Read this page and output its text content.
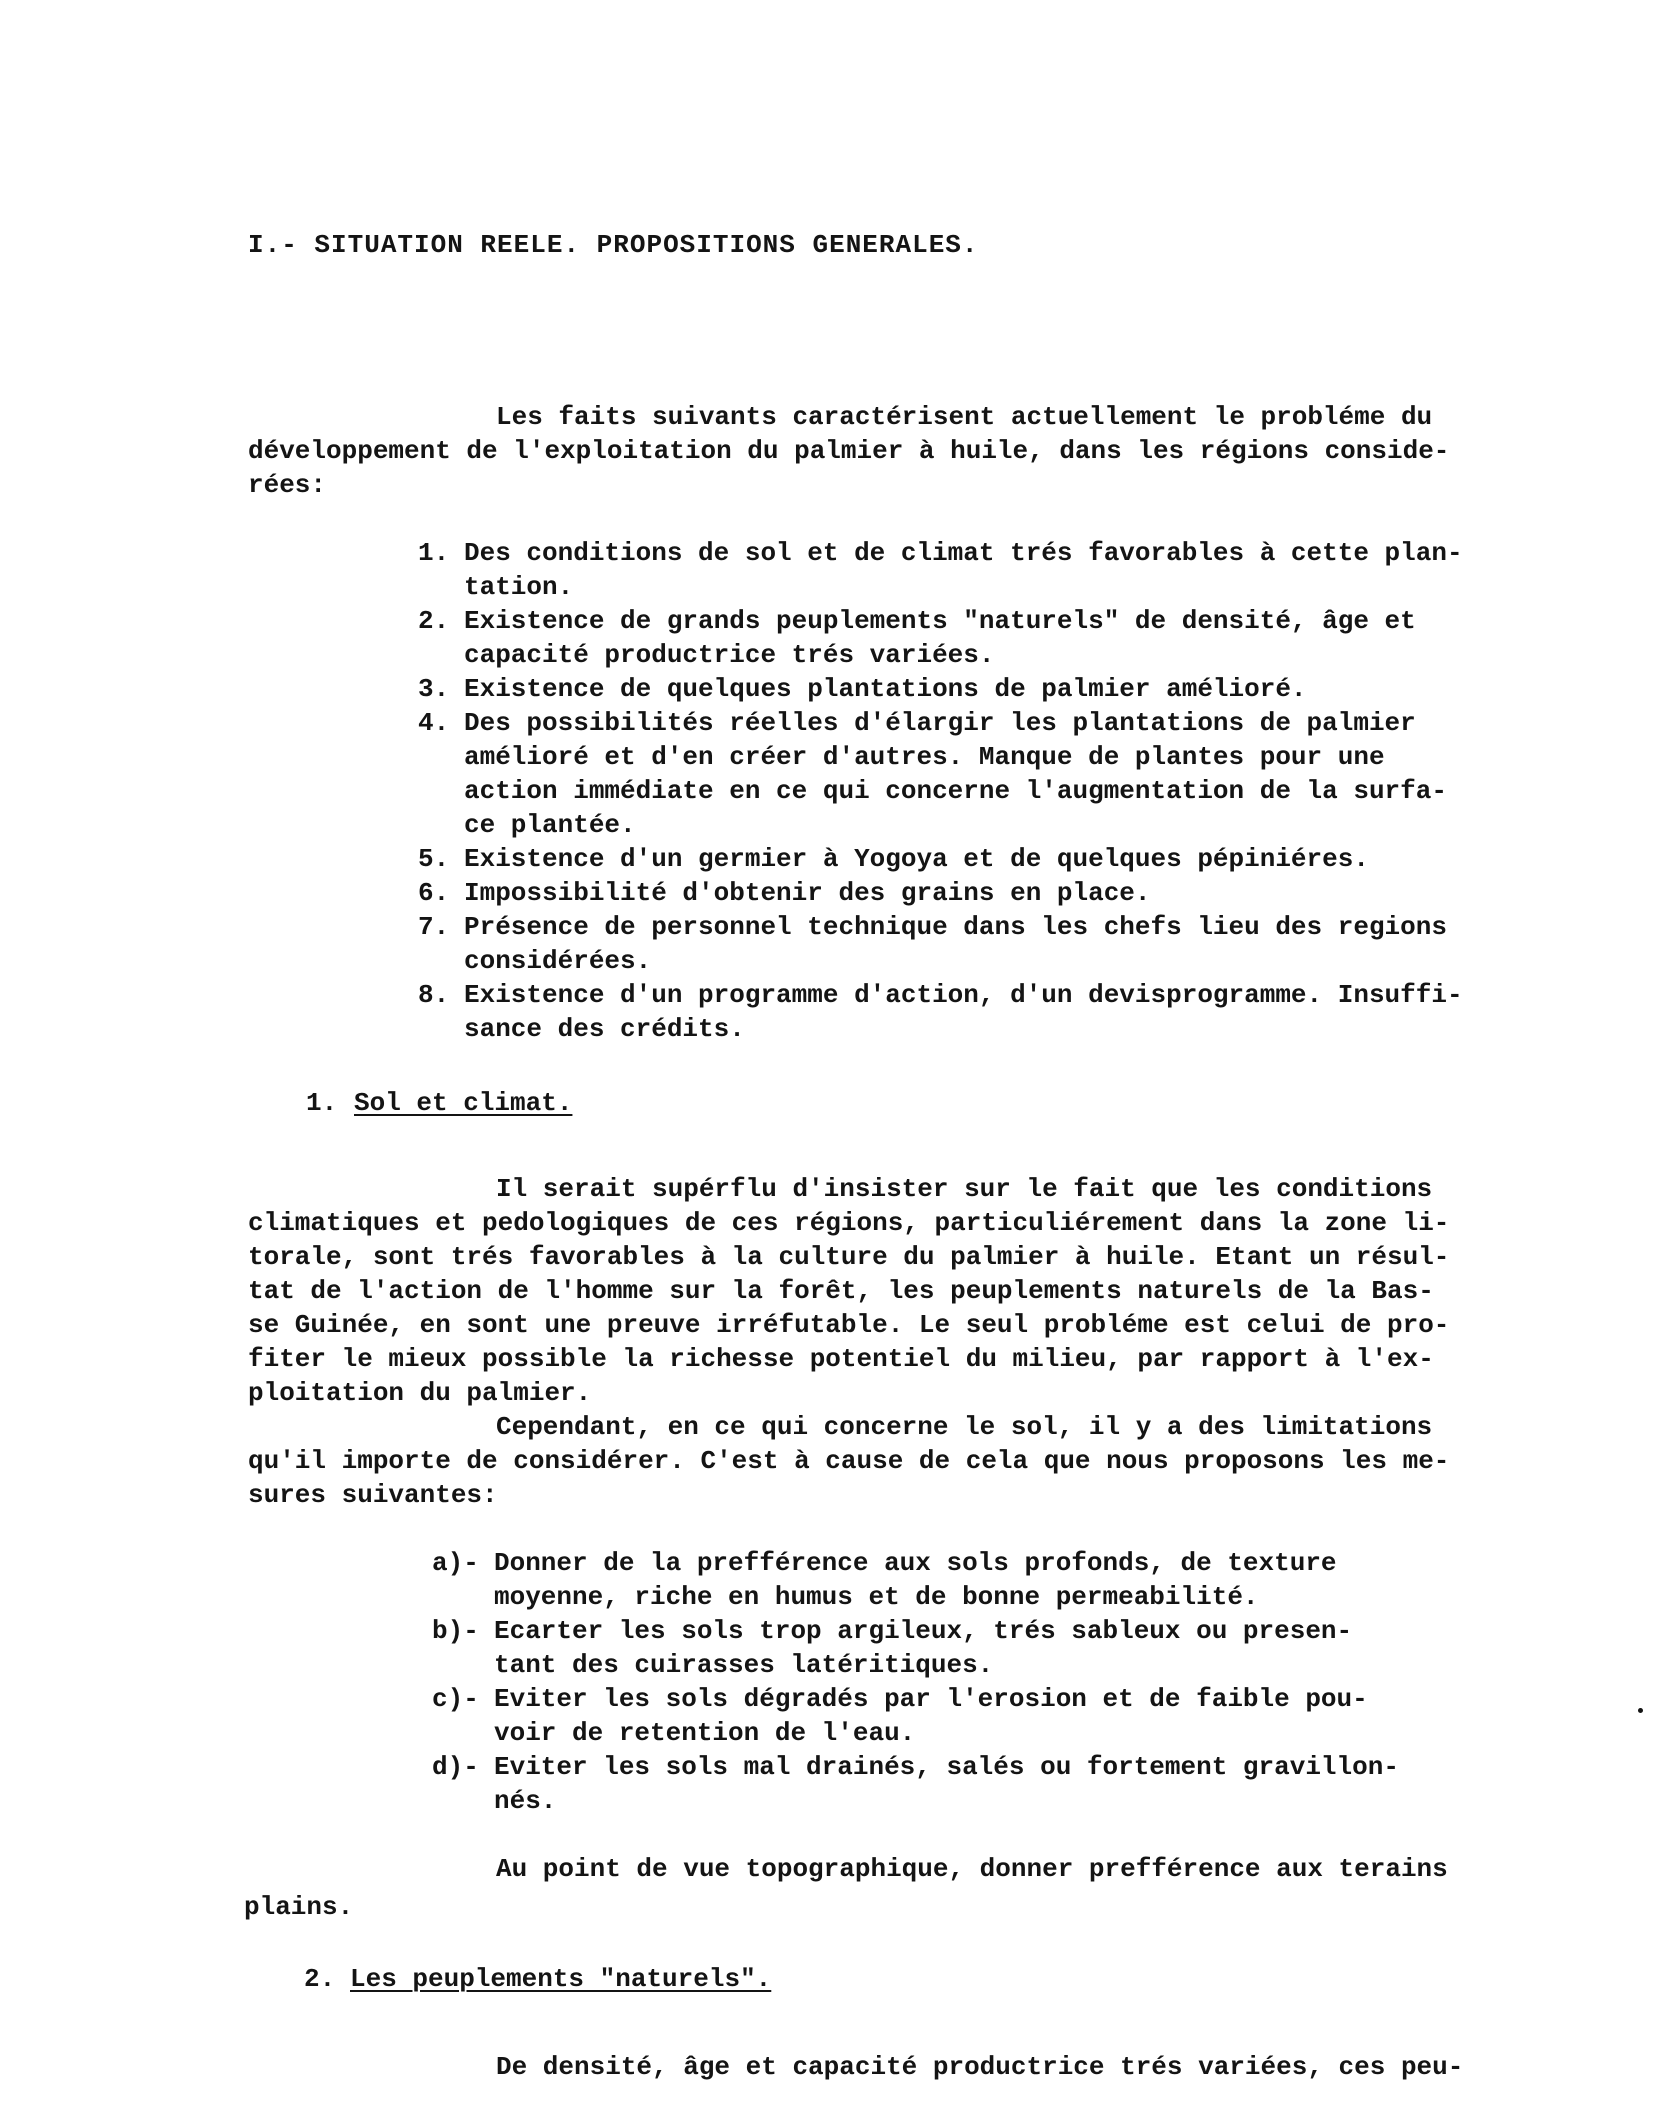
I.- SITUATION REELE. PROPOSITIONS GENERALES.
Les faits suivants caractérisent actuellement le probléme du
développement de l'exploitation du palmier à huile, dans les régions conside-
rées:
1. Des conditions de sol et de climat trés favorables à cette plan-
tation.
2. Existence de grands peuplements "naturels" de densité, âge et
capacité productrice trés variées.
3. Existence de quelques plantations de palmier amélioré.
4. Des possibilités réelles d'élargir les plantations de palmier
amélioré et d'en créer d'autres. Manque de plantes pour une
action immédiate en ce qui concerne l'augmentation de la surfa-
ce plantée.
5. Existence d'un germier à Yogoya et de quelques pépiniéres.
6. Impossibilité d'obtenir des grains en place.
7. Présence de personnel technique dans les chefs lieu des regions
considérées.
8. Existence d'un programme d'action, d'un devisprogramme. Insuffi-
sance des crédits.
1. Sol et climat.
Il serait supérflu d'insister sur le fait que les conditions
climatiques et pedologiques de ces régions, particuliérement dans la zone li-
torale, sont trés favorables à la culture du palmier à huile. Etant un résul-
tat de l'action de l'homme sur la forêt, les peuplements naturels de la Bas-
se Guinée, en sont une preuve irréfutable. Le seul probléme est celui de pro-
fiter le mieux possible la richesse potentiel du milieu, par rapport à l'ex-
ploitation du palmier.
Cependant, en ce qui concerne le sol, il y a des limitations
qu'il importe de considérer. C'est à cause de cela que nous proposons les me-
sures suivantes:
a)- Donner de la prefférence aux sols profonds, de texture
moyenne, riche en humus et de bonne permeabilité.
b)- Ecarter les sols trop argileux, trés sableux ou presen-
tant des cuirasses latéritiques.
c)- Eviter les sols dégradés par l'erosion et de faible pou-
voir de retention de l'eau.
d)- Eviter les sols mal drainés, salés ou fortement gravillon-
nés.
Au point de vue topographique, donner prefférence aux terains
plains.
2. Les peuplements "naturels".
De densité, âge et capacité productrice trés variées, ces peu-
